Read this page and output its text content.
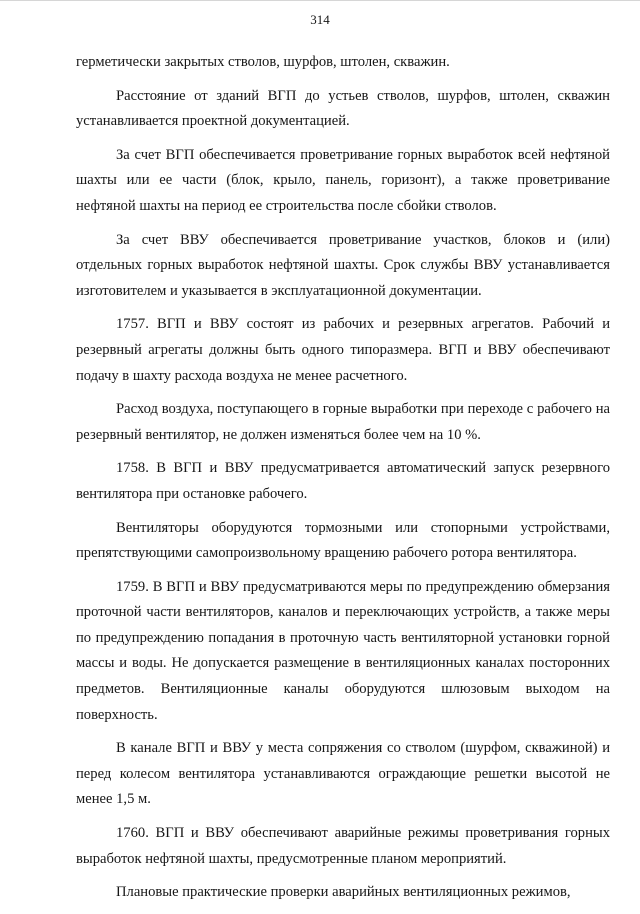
314

герметически закрытых стволов, шурфов, штолен, скважин.

Расстояние от зданий ВГП до устьев стволов, шурфов, штолен, скважин устанавливается проектной документацией.

За счет ВГП обеспечивается проветривание горных выработок всей нефтяной шахты или ее части (блок, крыло, панель, горизонт), а также проветривание нефтяной шахты на период ее строительства после сбойки стволов.

За счет ВВУ обеспечивается проветривание участков, блоков и (или) отдельных горных выработок нефтяной шахты. Срок службы ВВУ устанавливается изготовителем и указывается в эксплуатационной документации.

1757. ВГП и ВВУ состоят из рабочих и резервных агрегатов. Рабочий и резервный агрегаты должны быть одного типоразмера. ВГП и ВВУ обеспечивают подачу в шахту расхода воздуха не менее расчетного.

Расход воздуха, поступающего в горные выработки при переходе с рабочего на резервный вентилятор, не должен изменяться более чем на 10 %.

1758. В ВГП и ВВУ предусматривается автоматический запуск резервного вентилятора при остановке рабочего.

Вентиляторы оборудуются тормозными или стопорными устройствами, препятствующими самопроизвольному вращению рабочего ротора вентилятора.

1759. В ВГП и ВВУ предусматриваются меры по предупреждению обмерзания проточной части вентиляторов, каналов и переключающих устройств, а также меры по предупреждению попадания в проточную часть вентиляторной установки горной массы и воды. Не допускается размещение в вентиляционных каналах посторонних предметов. Вентиляционные каналы оборудуются шлюзовым выходом на поверхность.

В канале ВГП и ВВУ у места сопряжения со стволом (шурфом, скважиной) и перед колесом вентилятора устанавливаются ограждающие решетки высотой не менее 1,5 м.

1760. ВГП и ВВУ обеспечивают аварийные режимы проветривания горных выработок нефтяной шахты, предусмотренные планом мероприятий.

Плановые практические проверки аварийных вентиляционных режимов,
